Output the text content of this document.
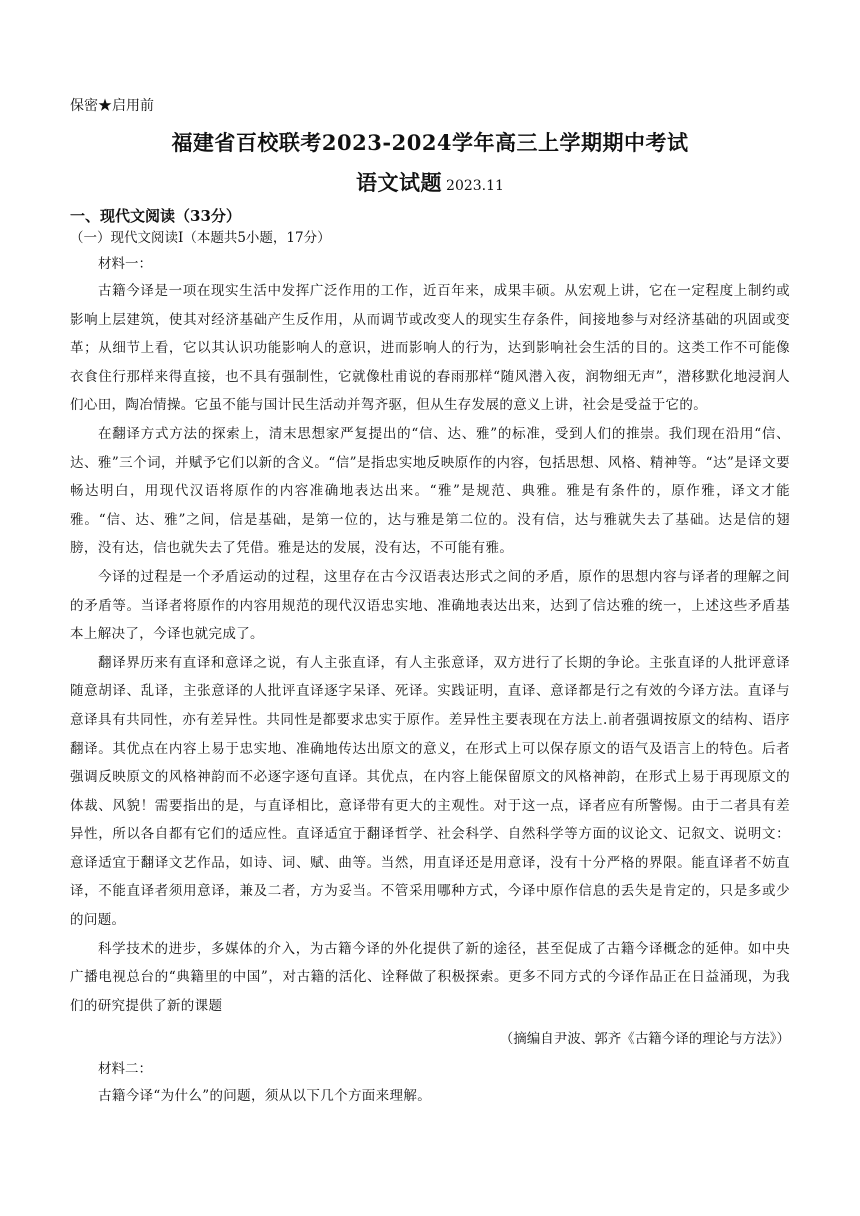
保密★启用前
福建省百校联考2023-2024学年高三上学期期中考试
语文试题 2023.11
一、现代文阅读（33分）
（一）现代文阅读Ⅰ（本题共5小题，17分）
材料一：

古籍今译是一项在现实生活中发挥广泛作用的工作，近百年来，成果丰硕。从宏观上讲，它在一定程度上制约或影响上层建筑，使其对经济基础产生反作用，从而调节或改变人的现实生存条件，间接地参与对经济基础的巩固或变革；从细节上看，它以其认识功能影响人的意识，进而影响人的行为，达到影响社会生活的目的。这类工作不可能像衣食住行那样来得直接，也不具有强制性，它就像杜甫说的春雨那样“随风潜入夜，润物细无声”，潜移默化地浸润人们心田，陶冶情操。它虽不能与国计民生活动并驾齐驱，但从生存发展的意义上讲，社会是受益于它的。

在翻译方式方法的探索上，清末思想家严复提出的“信、达、雅”的标准，受到人们的推崇。我们现在沿用“信、达、雅”三个词，并赋予它们以新的含义。“信”是指忠实地反映原作的内容，包括思想、风格、精神等。“达”是译文要畅达明白，用现代汉语将原作的内容准确地表达出来。“雅”是规范、典雅。雅是有条件的，原作雅，译文才能雅。“信、达、雅”之间，信是基础，是第一位的，达与雅是第二位的。没有信，达与雅就失去了基础。达是信的翅膀，没有达，信也就失去了凭借。雅是达的发展，没有达，不可能有雅。

今译的过程是一个矛盾运动的过程，这里存在古今汉语表达形式之间的矛盾，原作的思想内容与译者的理解之间的矛盾等。当译者将原作的内容用规范的现代汉语忠实地、准确地表达出来，达到了信达雅的统一，上述这些矛盾基本上解决了，今译也就完成了。

翻译界历来有直译和意译之说，有人主张直译，有人主张意译，双方进行了长期的争论。主张直译的人批评意译随意胡译、乱译，主张意译的人批评直译逐字呆译、死译。实践证明，直译、意译都是行之有效的今译方法。直译与意译具有共同性，亦有差异性。共同性是都要求忠实于原作。差异性主要表现在方法上.前者强调按原文的结构、语序翻译。其优点在内容上易于忠实地、准确地传达出原文的意义，在形式上可以保存原文的语气及语言上的特色。后者强调反映原文的风格神韵而不必逐字逐句直译。其优点，在内容上能保留原文的风格神韵，在形式上易于再现原文的体裁、风貌！需要指出的是，与直译相比，意译带有更大的主观性。对于这一点，译者应有所警惕。由于二者具有差异性，所以各自都有它们的适应性。直译适宜于翻译哲学、社会科学、自然科学等方面的议论文、记叙文、说明文：意译适宜于翻译文艺作品，如诗、词、赋、曲等。当然，用直译还是用意译，没有十分严格的界限。能直译者不妨直译，不能直译者须用意译，兼及二者，方为妥当。不管采用哪种方式，今译中原作信息的丢失是肯定的，只是多或少的问题。

科学技术的进步，多媒体的介入，为古籍今译的外化提供了新的途径，甚至促成了古籍今译概念的延伸。如中央广播电视总台的“典籍里的中国”，对古籍的活化、诠释做了积极探索。更多不同方式的今译作品正在日益涌现，为我们的研究提供了新的课题

（摘编自尹波、郭齐《古籍今译的理论与方法》）
材料二：

古籍今译“为什么”的问题，须从以下几个方面来理解。
